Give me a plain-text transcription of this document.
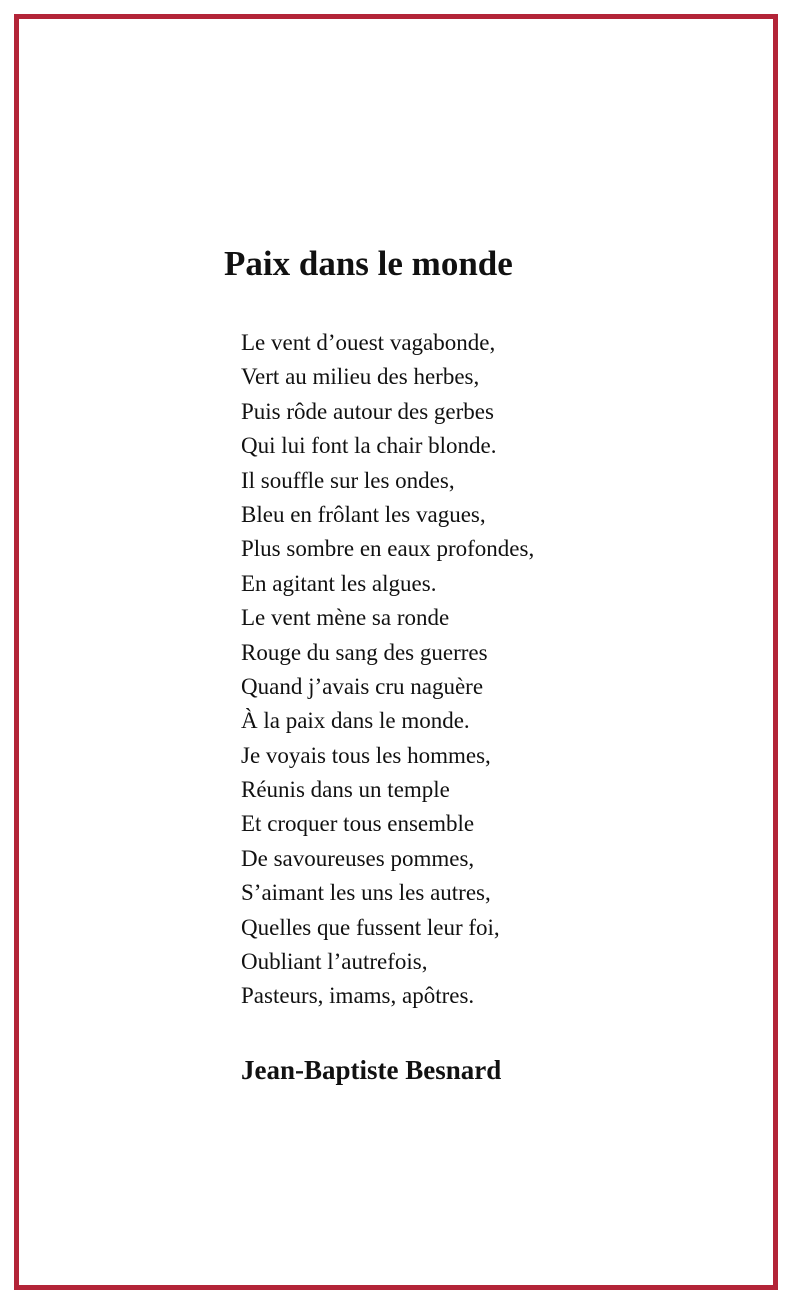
Paix dans le monde
Le vent d’ouest vagabonde,
Vert au milieu des herbes,
Puis rôde autour des gerbes
Qui lui font la chair blonde.
Il souffle sur les ondes,
Bleu en frôlant les vagues,
Plus sombre en eaux profondes,
En agitant les algues.
Le vent mène sa ronde
Rouge du sang des guerres
Quand j’avais cru naguère
À la paix dans le monde.
Je voyais tous les hommes,
Réunis dans un temple
Et croquer tous ensemble
De savoureuses pommes,
S’aimant les uns les autres,
Quelles que fussent leur foi,
Oubliant l’autrefois,
Pasteurs, imams, apôtres.

Jean-Baptiste Besnard
